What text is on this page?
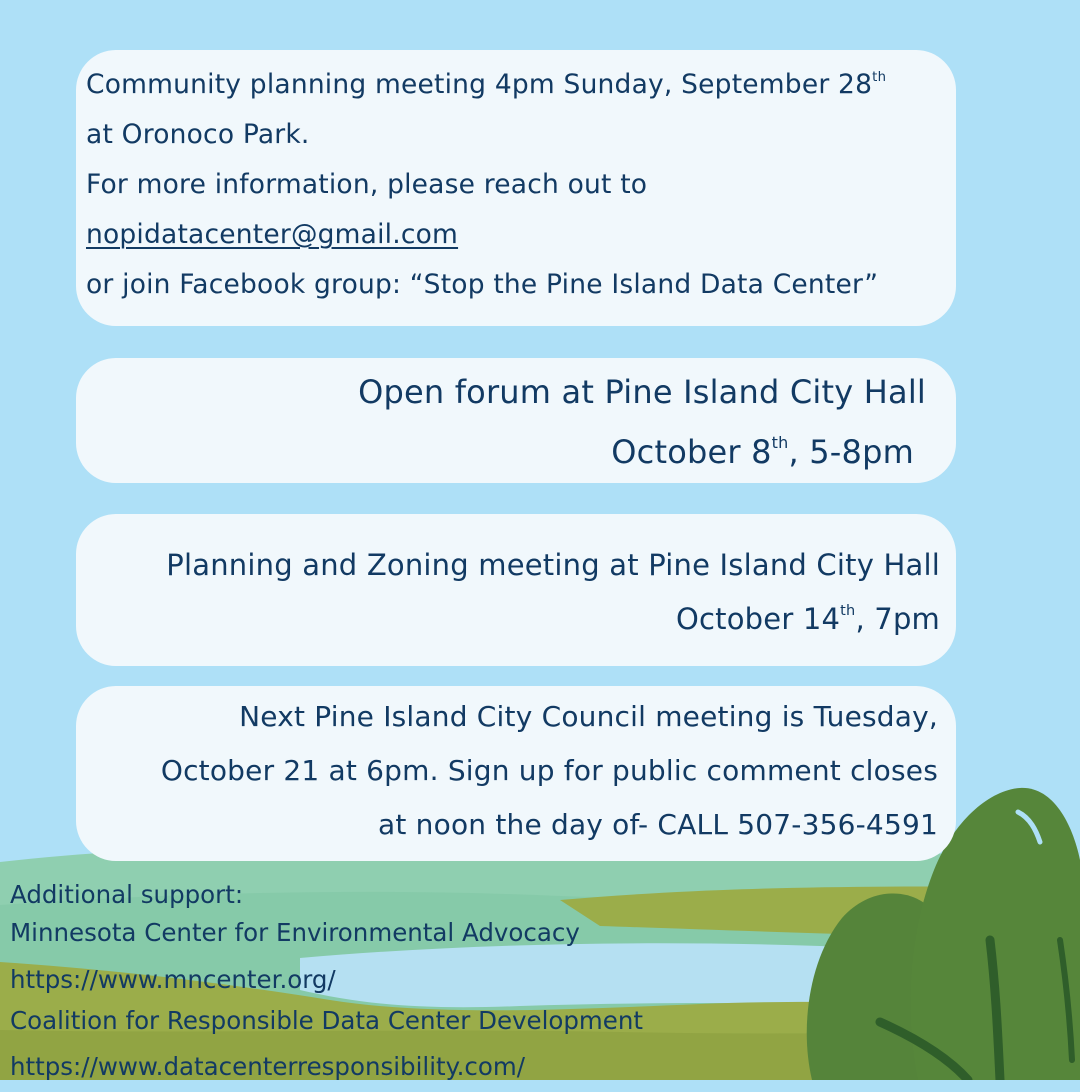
Community planning meeting 4pm Sunday, September 28th
at Oronoco Park.
For more information, please reach out to
nopidatacenter@gmail.com
or join Facebook group: “Stop the Pine Island Data Center”
Open forum at Pine Island City Hall
October 8th, 5-8pm
Planning and Zoning meeting at Pine Island City Hall
October 14th, 7pm
Next Pine Island City Council meeting is Tuesday,
October 21 at 6pm. Sign up for public comment closes
at noon the day of- CALL 507-356-4591
Additional support:
Minnesota Center for Environmental Advocacy
https://www.mncenter.org/
Coalition for Responsible Data Center Development
https://www.datacenterresponsibility.com/
